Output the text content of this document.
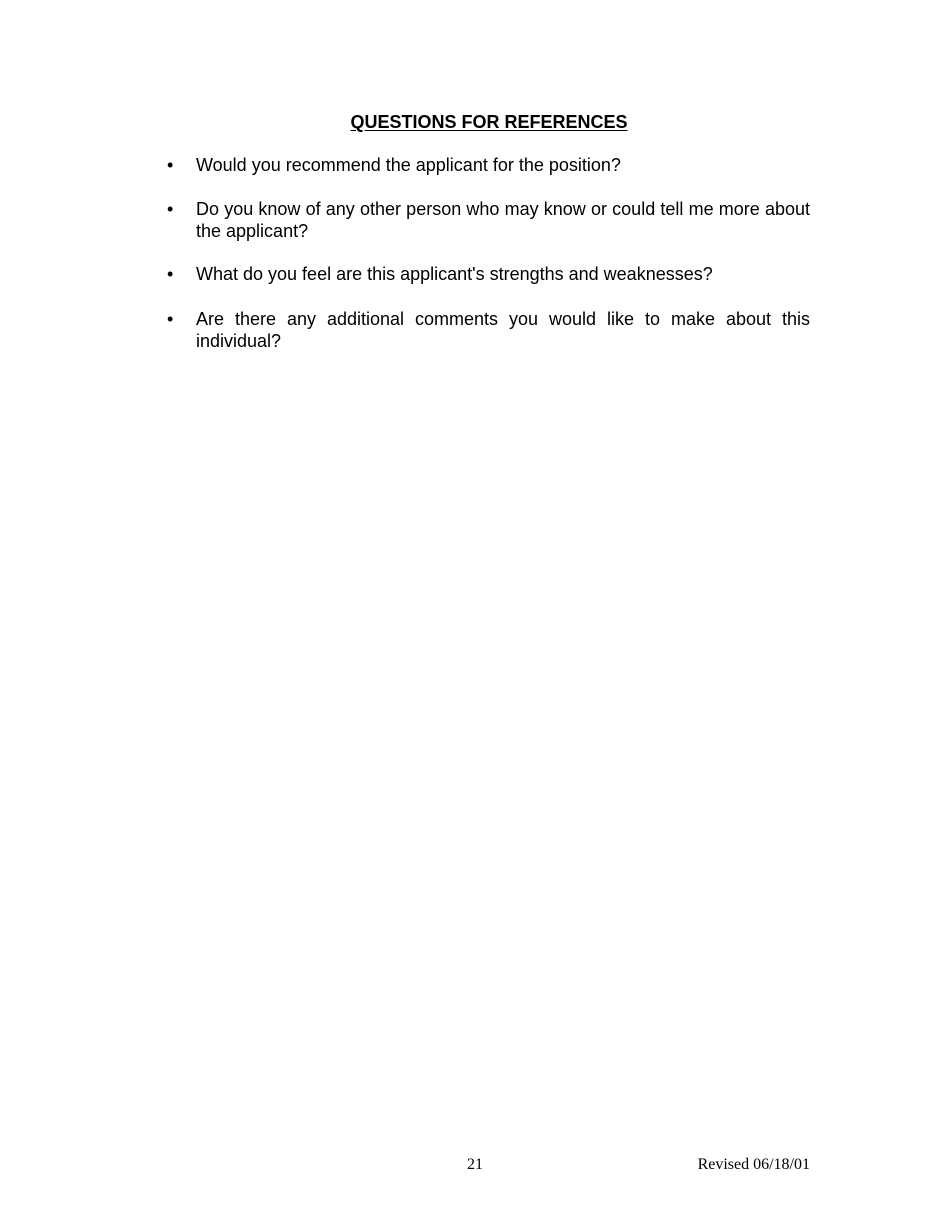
QUESTIONS FOR REFERENCES
• Would you recommend the applicant for the position?
• Do you know of any other person who may know or could tell me more about the applicant?
• What do you feel are this applicant's strengths and weaknesses?
• Are there any additional comments you would like to make about this individual?
21	Revised 06/18/01
